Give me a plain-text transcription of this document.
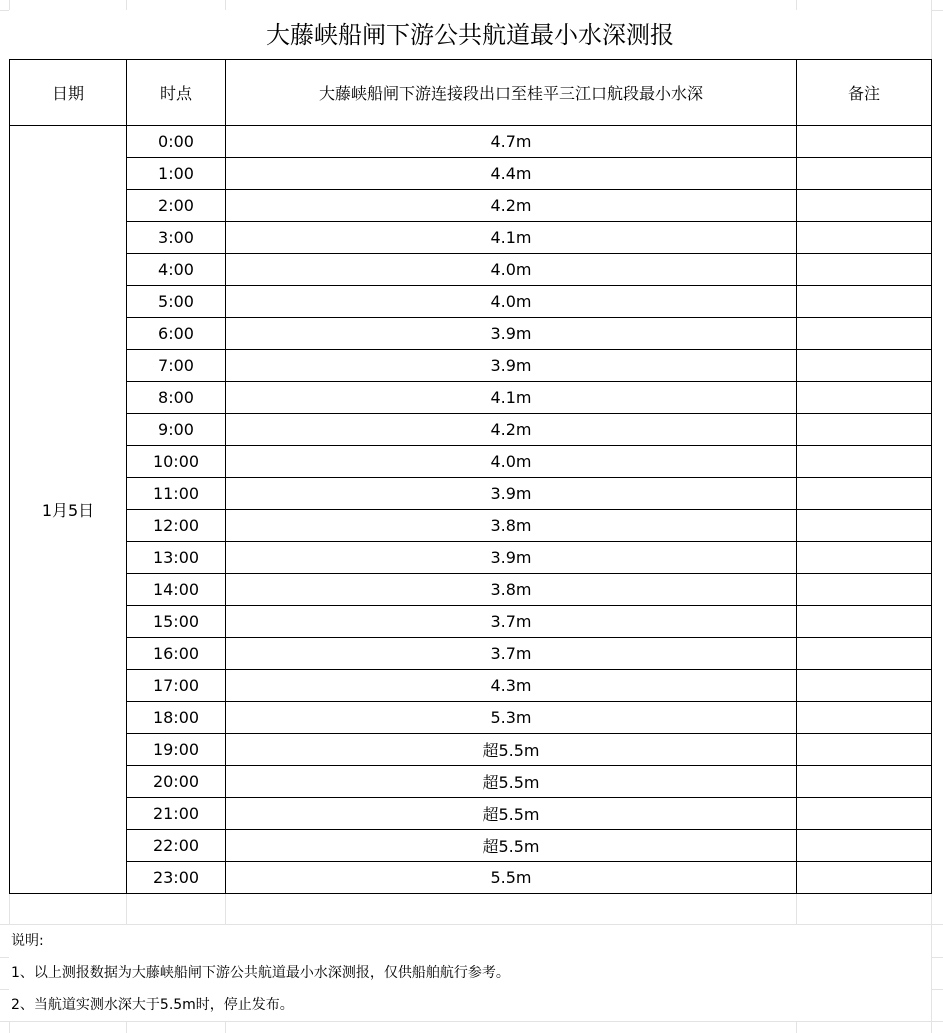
大藤峡船闸下游公共航道最小水深测报
日期	时点	大藤峡船闸下游连接段出口至桂平三江口航段最小水深	备注
1月5日	0:00	4.7m	
	1:00	4.4m	
	2:00	4.2m	
	3:00	4.1m	
	4:00	4.0m	
	5:00	4.0m	
	6:00	3.9m	
	7:00	3.9m	
	8:00	4.1m	
	9:00	4.2m	
	10:00	4.0m	
	11:00	3.9m	
	12:00	3.8m	
	13:00	3.9m	
	14:00	3.8m	
	15:00	3.7m	
	16:00	3.7m	
	17:00	4.3m	
	18:00	5.3m	
	19:00	超5.5m	
	20:00	超5.5m	
	21:00	超5.5m	
	22:00	超5.5m	
	23:00	5.5m	
说明:
1、以上测报数据为大藤峡船闸下游公共航道最小水深测报，仅供船舶航行参考。
2、当航道实测水深大于5.5m时，停止发布。
